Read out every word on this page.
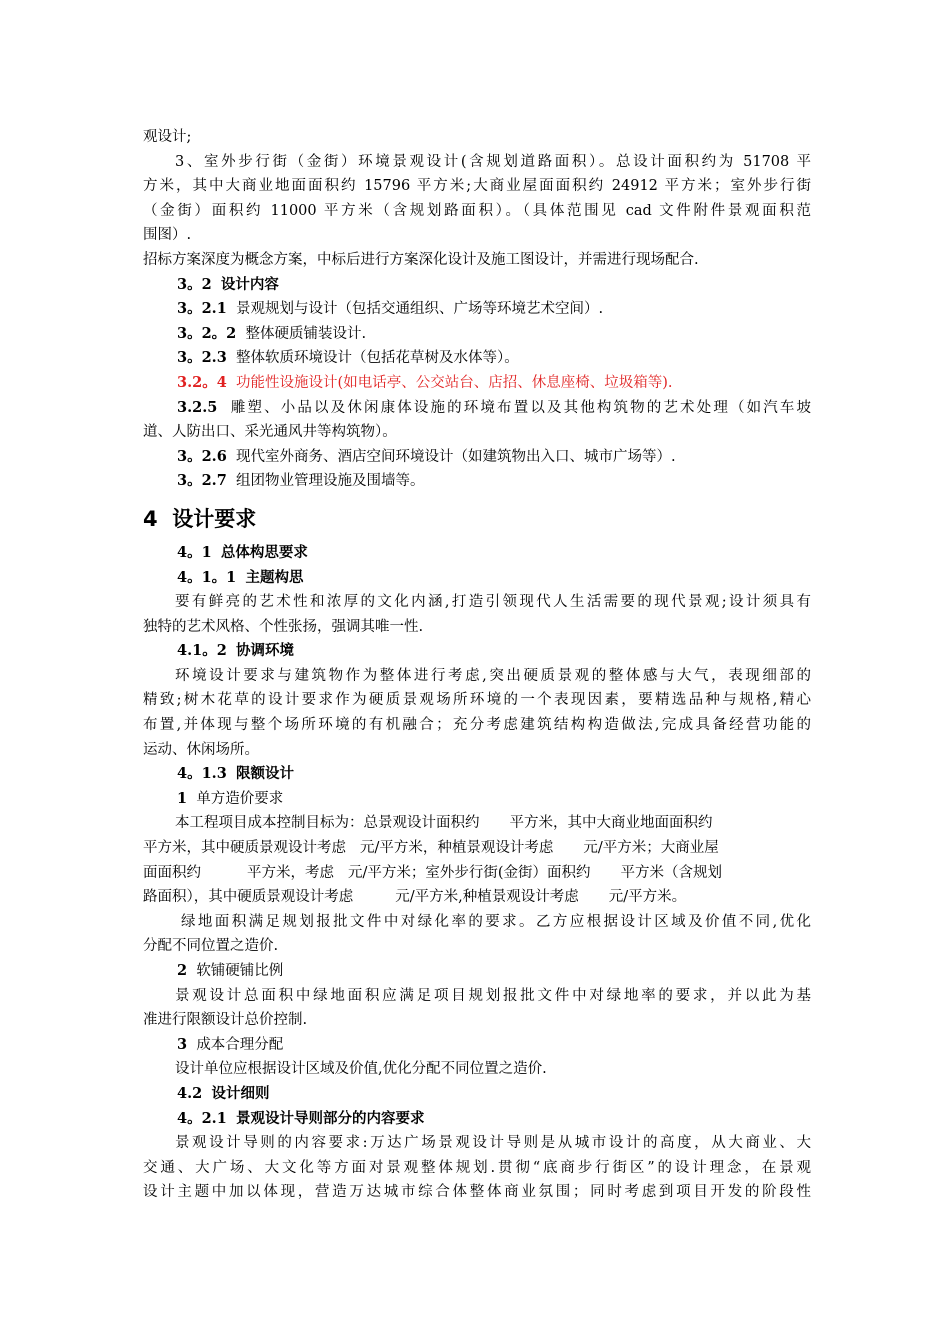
观设计;
3、室外步行街（金街）环境景观设计(含规划道路面积）。总设计面积约为 51708 平
方米，其中大商业地面面积约 15796 平方米;大商业屋面面积约 24912 平方米；室外步行街
（金街）面积约 11000 平方米（含规划路面积）。（具体范围见 cad 文件附件景观面积范
围图）.
招标方案深度为概念方案，中标后进行方案深化设计及施工图设计，并需进行现场配合.
3。2 设计内容
3。2.1 景观规划与设计（包括交通组织、广场等环境艺术空间）.
3。2。2 整体硬质铺装设计.
3。2.3 整体软质环境设计（包括花草树及水体等）。
3.2。4 功能性设施设计(如电话亭、公交站台、店招、休息座椅、垃圾箱等).
3.2.5 雕塑、小品以及休闲康体设施的环境布置以及其他构筑物的艺术处理（如汽车坡
道、人防出口、采光通风井等构筑物）。
3。2.6 现代室外商务、酒店空间环境设计（如建筑物出入口、城市广场等）.
3。2.7 组团物业管理设施及围墙等。
4 设计要求
4。1 总体构思要求
4。1。1 主题构思
要有鲜亮的艺术性和浓厚的文化内涵,打造引领现代人生活需要的现代景观;设计须具有
独特的艺术风格、个性张扬，强调其唯一性.
4.1。2 协调环境
环境设计要求与建筑物作为整体进行考虑,突出硬质景观的整体感与大气，表现细部的
精致;树木花草的设计要求作为硬质景观场所环境的一个表现因素，要精选品种与规格,精心
布置,并体现与整个场所环境的有机融合；充分考虑建筑结构构造做法,完成具备经营功能的
运动、休闲场所。
4。1.3 限额设计
1 单方造价要求
本工程项目成本控制目标为：总景观设计面积约 平方米，其中大商业地面面积约
平方米，其中硬质景观设计考虑 元/平方米，种植景观设计考虑 元/平方米；大商业屋
面面积约	平方米，考虑 元/平方米；室外步行街(金街）面积约 平方米（含规划
路面积），其中硬质景观设计考虑	元/平方米,种植景观设计考虑 元/平方米。
绿地面积满足规划报批文件中对绿化率的要求。乙方应根据设计区域及价值不同,优化
分配不同位置之造价.
2 软铺硬铺比例
景观设计总面积中绿地面积应满足项目规划报批文件中对绿地率的要求，并以此为基
准进行限额设计总价控制.
3 成本合理分配
设计单位应根据设计区域及价值,优化分配不同位置之造价.
4.2 设计细则
4。2.1 景观设计导则部分的内容要求
景观设计导则的内容要求:万达广场景观设计导则是从城市设计的高度，从大商业、大
交通、大广场、大文化等方面对景观整体规划.贯彻“底商步行街区”的设计理念，在景观
设计主题中加以体现，营造万达城市综合体整体商业氛围；同时考虑到项目开发的阶段性
